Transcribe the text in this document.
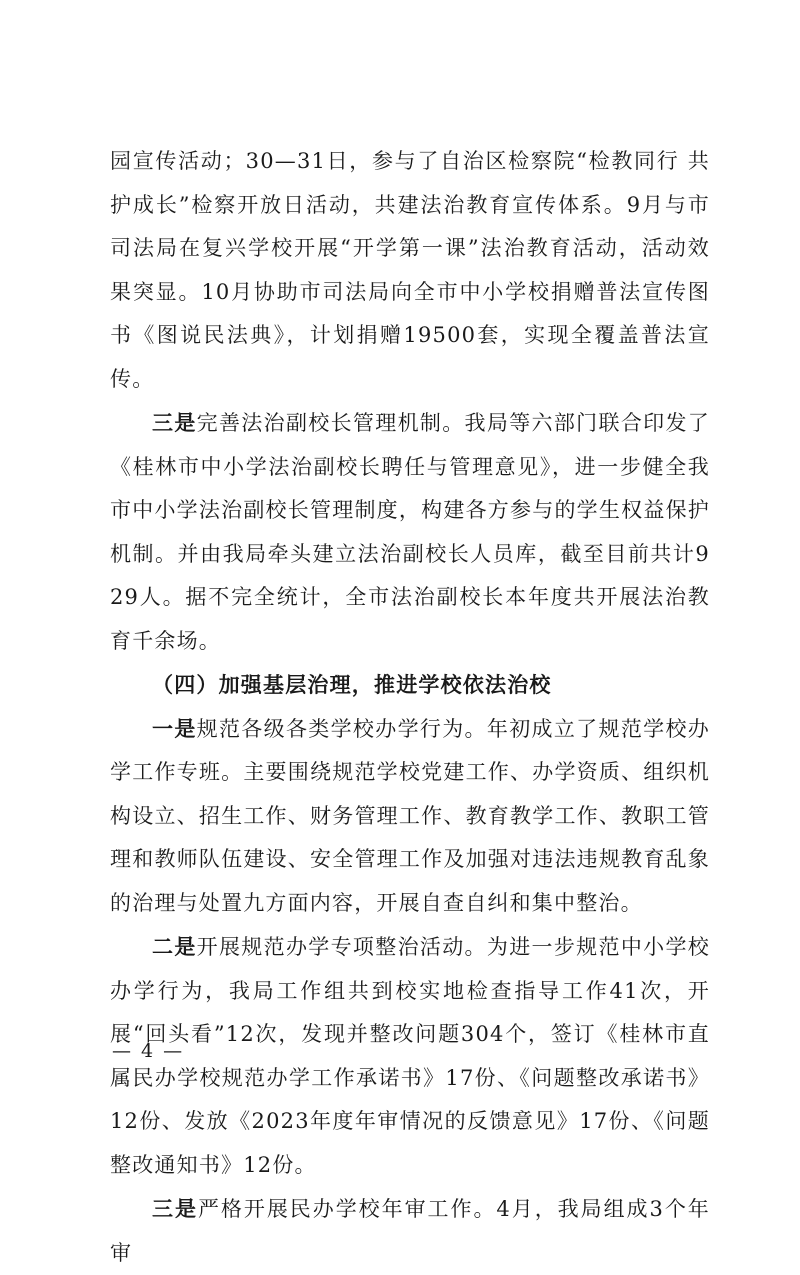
园宣传活动；30—31日，参与了自治区检察院“检教同行 共护成长”检察开放日活动，共建法治教育宣传体系。9月与市司法局在复兴学校开展“开学第一课”法治教育活动，活动效果突显。10月协助市司法局向全市中小学校捐赠普法宣传图书《图说民法典》，计划捐赠19500套，实现全覆盖普法宣传。

三是完善法治副校长管理机制。我局等六部门联合印发了《桂林市中小学法治副校长聘任与管理意见》，进一步健全我市中小学法治副校长管理制度，构建各方参与的学生权益保护机制。并由我局牵头建立法治副校长人员库，截至目前共计929人。据不完全统计，全市法治副校长本年度共开展法治教育千余场。

（四）加强基层治理，推进学校依法治校

一是规范各级各类学校办学行为。年初成立了规范学校办学工作专班。主要围绕规范学校党建工作、办学资质、组织机构设立、招生工作、财务管理工作、教育教学工作、教职工管理和教师队伍建设、安全管理工作及加强对违法违规教育乱象的治理与处置九方面内容，开展自查自纠和集中整治。

二是开展规范办学专项整治活动。为进一步规范中小学校办学行为，我局工作组共到校实地检查指导工作41次，开展“回头看”12次，发现并整改问题304个，签订《桂林市直属民办学校规范办学工作承诺书》17份、《问题整改承诺书》12份、发放《2023年度年审情况的反馈意见》17份、《问题整改通知书》12份。

三是严格开展民办学校年审工作。4月，我局组成3个年审

— 4 —
